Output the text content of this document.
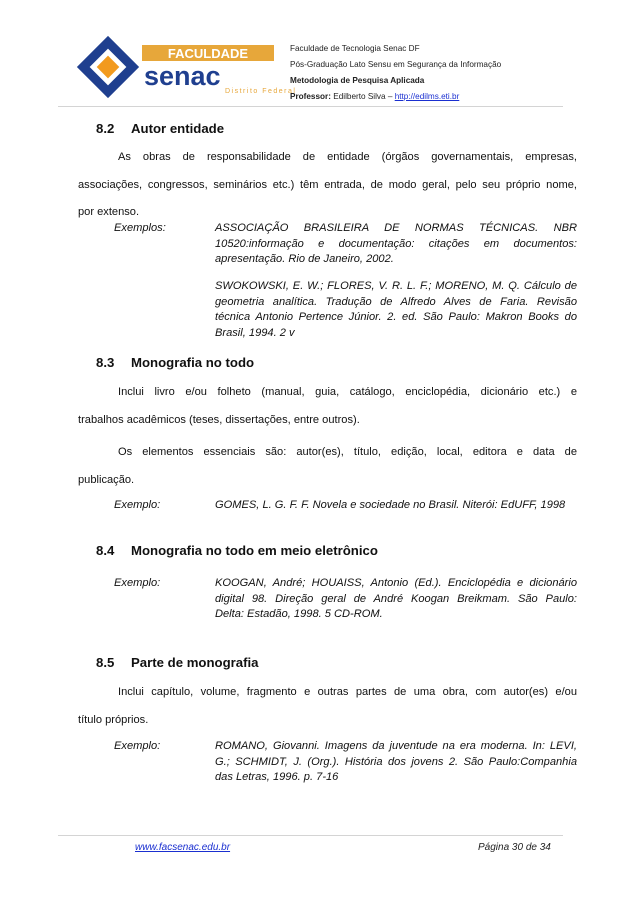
FACULDADE
senac
Distrito Federal
Faculdade de Tecnologia Senac DF
Pós-Graduação Lato Sensu em Segurança da Informação
Metodologia de Pesquisa Aplicada
Professor: Edilberto Silva – http://edilms.eti.br
8.2 Autor entidade
As obras de responsabilidade de entidade (órgãos governamentais, empresas,
associações, congressos, seminários etc.) têm entrada, de modo geral, pelo seu próprio nome,
por extenso.
Exemplos:	ASSOCIAÇÃO BRASILEIRA DE NORMAS TÉCNICAS. NBR
10520:informação e documentação: citações em documentos:
apresentação. Rio de Janeiro, 2002.
SWOKOWSKI, E. W.; FLORES, V. R. L. F.; MORENO, M. Q. Cálculo de
geometria analítica. Tradução de Alfredo Alves de Faria. Revisão
técnica Antonio Pertence Júnior. 2. ed. São Paulo: Makron Books do
Brasil, 1994. 2 v
8.3 Monografia no todo
Inclui livro e/ou folheto (manual, guia, catálogo, enciclopédia, dicionário etc.) e
trabalhos acadêmicos (teses, dissertações, entre outros).
Os elementos essenciais são: autor(es), título, edição, local, editora e data de
publicação.
Exemplo:	GOMES, L. G. F. F. Novela e sociedade no Brasil. Niterói: EdUFF, 1998
8.4 Monografia no todo em meio eletrônico
Exemplo:	KOOGAN, André; HOUAISS, Antonio (Ed.). Enciclopédia e dicionário
digital 98. Direção geral de André Koogan Breikmam. São Paulo:
Delta: Estadão, 1998. 5 CD-ROM.
8.5 Parte de monografia
Inclui capítulo, volume, fragmento e outras partes de uma obra, com autor(es) e/ou
título próprios.
Exemplo:	ROMANO, Giovanni. Imagens da juventude na era moderna. In: LEVI,
G.; SCHMIDT, J. (Org.). História dos jovens 2. São Paulo:Companhia
das Letras, 1996. p. 7-16
www.facsenac.edu.br	Página 30 de 34
